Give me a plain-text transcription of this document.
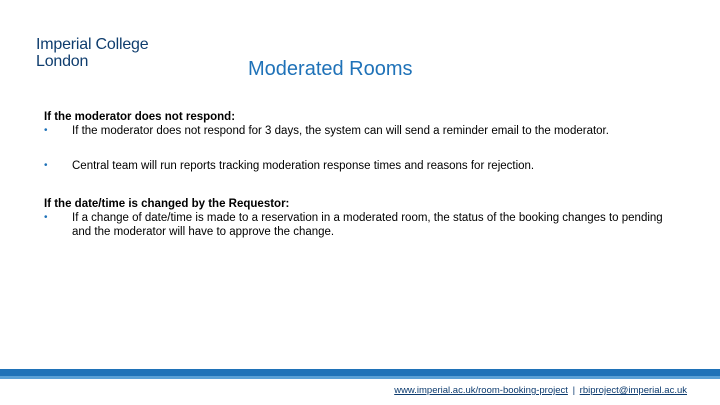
Imperial College
London	Moderated Rooms

If the moderator does not respond:

• If the moderator does not respond for 3 days, the system can will send a reminder email to the moderator.
• Central team will run reports tracking moderation response times and reasons for rejection.

If the date/time is changed by the Requestor:

• If a change of date/time is made to a reservation in a moderated room, the status of the booking changes to pending and the moderator will have to approve the change.
www.imperial.ac.uk/room-booking-project | rbiproject@imperial.ac.uk
